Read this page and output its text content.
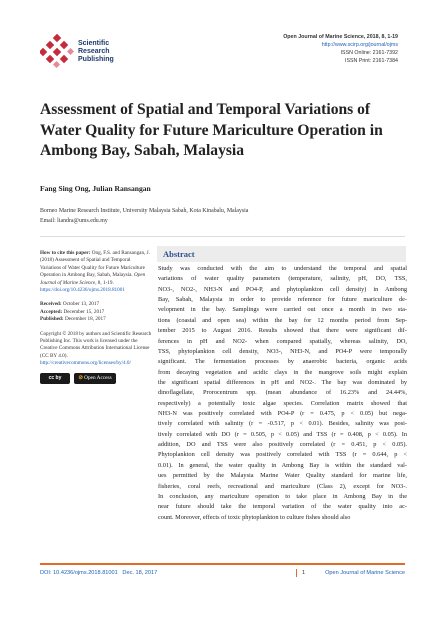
Scientific
Research
Publishing
Open Journal of Marine Science, 2018, 8, 1-19
http://www.scirp.org/journal/ojms
ISSN Online: 2161-7392
ISSN Print: 2161-7384
Assessment of Spatial and Temporal Variations of Water Quality for Future Mariculture Operation in Ambong Bay, Sabah, Malaysia
Fang Sing Ong, Julian Ransangan
Borneo Marine Research Institute, University Malaysia Sabah, Kota Kinabalu, Malaysia
Email: liandra@ums.edu.my

How to cite this paper: Ong, F.S. and Ransangan, J. (2018) Assessment of Spatial and Temporal Variations of Water Quality for Future Mariculture Operation in Ambong Bay, Sabah, Malaysia. Open Journal of Marine Science, 8, 1-19.
https://doi.org/10.4236/ojms.2018.81001

Received: October 13, 2017
Accepted: December 15, 2017
Published: December 18, 2017

Copyright © 2018 by authors and Scientific Research Publishing Inc. This work is licensed under the Creative Commons Attribution International License (CC BY 4.0).
http://creativecommons.org/licenses/by/4.0/

cc by	⊘ Open Access
Abstract
Study was conducted with the aim to understand the temporal and spatial
variations of water quality parameters (temperature, salinity, pH, DO, TSS,
NO3-, NO2-, NH3-N and PO4-P, and phytoplankton cell density) in Ambong
Bay, Sabah, Malaysia in order to provide reference for future mariculture de-
velopment in the bay. Samplings were carried out once a month in two sta-
tions (coastal and open sea) within the bay for 12 months period from Sep-
tember 2015 to August 2016. Results showed that there were significant dif-
ferences in pH and NO2- when compared spatially, whereas salinity, DO,
TSS, phytoplankton cell density, NO3-, NH3-N, and PO4-P were temporally
significant. The fermentation processes by anaerobic bacteria, organic acids
from decaying vegetation and acidic clays in the mangrove soils might explain
the significant spatial differences in pH and NO2-. The bay was dominated by
dinoflagellate, Prorocentrum spp. (mean abundance of 16.23% and 24.44%,
respectively) a potentially toxic algae species. Correlation matrix showed that
NH3-N was positively correlated with PO4-P (r = 0.475, p < 0.05) but nega-
tively correlated with salinity (r = -0.517, p < 0.01). Besides, salinity was posi-
tively correlated with DO (r = 0.505, p < 0.05) and TSS (r = 0.408, p < 0.05). In
addition, DO and TSS were also positively correlated (r = 0.451, p < 0.05).
Phytoplankton cell density was positively correlated with TSS (r = 0.644, p <
0.01). In general, the water quality in Ambong Bay is within the standard val-
ues permitted by the Malaysia Marine Water Quality standard for marine life,
fisheries, coral reefs, recreational and mariculture (Class 2), except for NO3-.
In conclusion, any mariculture operation to take place in Ambong Bay in the
near future should take the temporal variation of the water quality into ac-
count. Moreover, effects of toxic phytoplankton to culture fishes should also
DOI: 10.4236/ojms.2018.81001 Dec. 18, 2017	1	Open Journal of Marine Science
